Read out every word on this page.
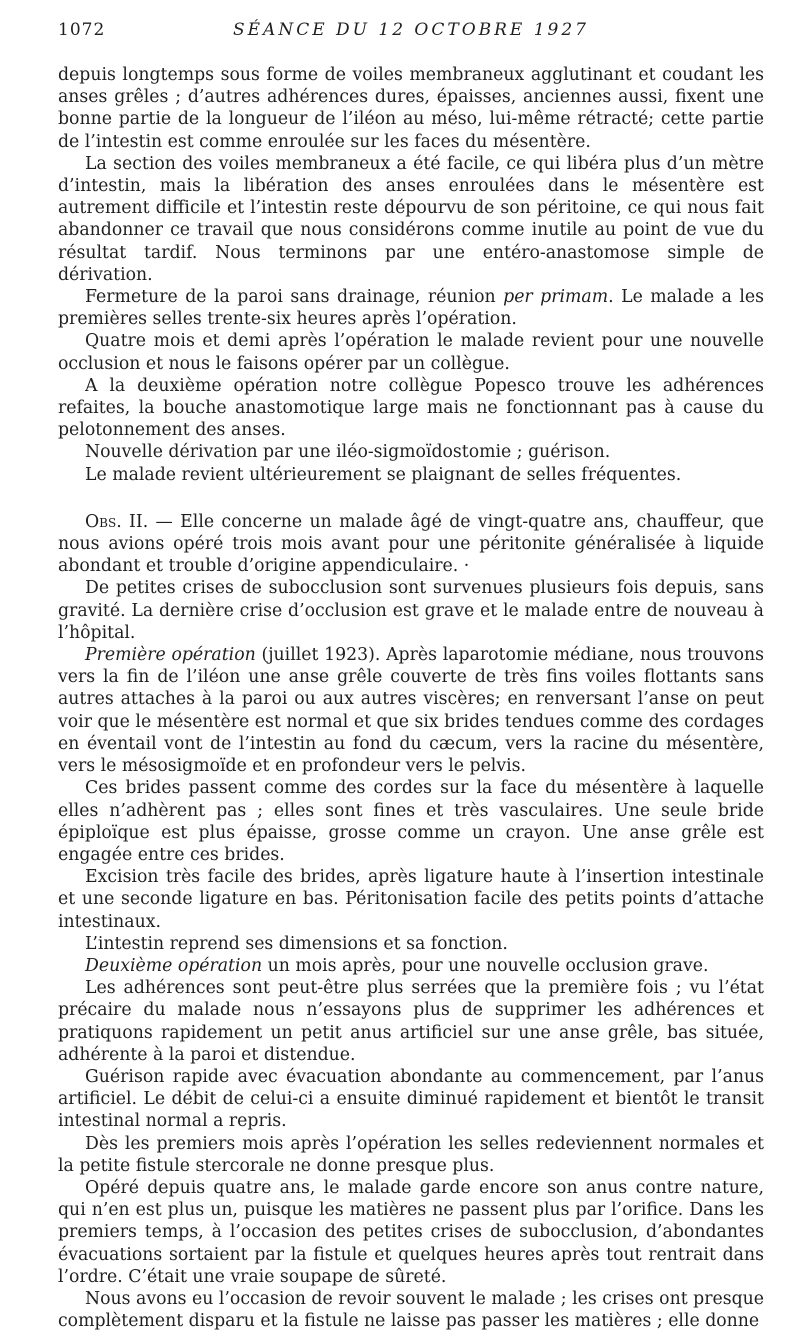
1072	SÉANCE DU 12 OCTOBRE 1927

depuis longtemps sous forme de voiles membraneux agglutinant et coudant les anses grêles ; d’autres adhérences dures, épaisses, anciennes aussi, fixent une bonne partie de la longueur de l’iléon au méso, lui-même rétracté; cette partie de l’intestin est comme enroulée sur les faces du mésentère.

La section des voiles membraneux a été facile, ce qui libéra plus d’un mètre d’intestin, mais la libération des anses enroulées dans le mésentère est autrement difficile et l’intestin reste dépourvu de son péritoine, ce qui nous fait abandonner ce travail que nous considérons comme inutile au point de vue du résultat tardif. Nous terminons par une entéro-anastomose simple de dérivation.

Fermeture de la paroi sans drainage, réunion per primam. Le malade a les premières selles trente-six heures après l’opération.

Quatre mois et demi après l’opération le malade revient pour une nouvelle occlusion et nous le faisons opérer par un collègue.

A la deuxième opération notre collègue Popesco trouve les adhérences refaites, la bouche anastomotique large mais ne fonctionnant pas à cause du pelotonnement des anses.

Nouvelle dérivation par une iléo-sigmoïdostomie ; guérison.

Le malade revient ultérieurement se plaignant de selles fréquentes.

Obs. II. — Elle concerne un malade âgé de vingt-quatre ans, chauffeur, que nous avions opéré trois mois avant pour une péritonite généralisée à liquide abondant et trouble d’origine appendiculaire. ·

De petites crises de subocclusion sont survenues plusieurs fois depuis, sans gravité. La dernière crise d’occlusion est grave et le malade entre de nouveau à l’hôpital.

Première opération (juillet 1923). Après laparotomie médiane, nous trouvons vers la fin de l’iléon une anse grêle couverte de très fins voiles flottants sans autres attaches à la paroi ou aux autres viscères; en renversant l’anse on peut voir que le mésentère est normal et que six brides tendues comme des cordages en éventail vont de l’intestin au fond du cæcum, vers la racine du mésentère, vers le mésosigmoïde et en profondeur vers le pelvis.

Ces brides passent comme des cordes sur la face du mésentère à laquelle elles n’adhèrent pas ; elles sont fines et très vasculaires. Une seule bride épiploïque est plus épaisse, grosse comme un crayon. Une anse grêle est engagée entre ces brides.

Excision très facile des brides, après ligature haute à l’insertion intestinale et une seconde ligature en bas. Péritonisation facile des petits points d’attache intestinaux.

L’intestin reprend ses dimensions et sa fonction.

Deuxième opération un mois après, pour une nouvelle occlusion grave.

Les adhérences sont peut-être plus serrées que la première fois ; vu l’état précaire du malade nous n’essayons plus de supprimer les adhérences et pratiquons rapidement un petit anus artificiel sur une anse grêle, bas située, adhérente à la paroi et distendue.

Guérison rapide avec évacuation abondante au commencement, par l’anus artificiel. Le débit de celui-ci a ensuite diminué rapidement et bientôt le transit intestinal normal a repris.

Dès les premiers mois après l’opération les selles redeviennent normales et la petite fistule stercorale ne donne presque plus.

Opéré depuis quatre ans, le malade garde encore son anus contre nature, qui n’en est plus un, puisque les matières ne passent plus par l’orifice. Dans les premiers temps, à l’occasion des petites crises de subocclusion, d’abondantes évacuations sortaient par la fistule et quelques heures après tout rentrait dans l’ordre. C’était une vraie soupape de sûreté.

Nous avons eu l’occasion de revoir souvent le malade ; les crises ont presque complètement disparu et la fistule ne laisse pas passer les matières ; elle donne
